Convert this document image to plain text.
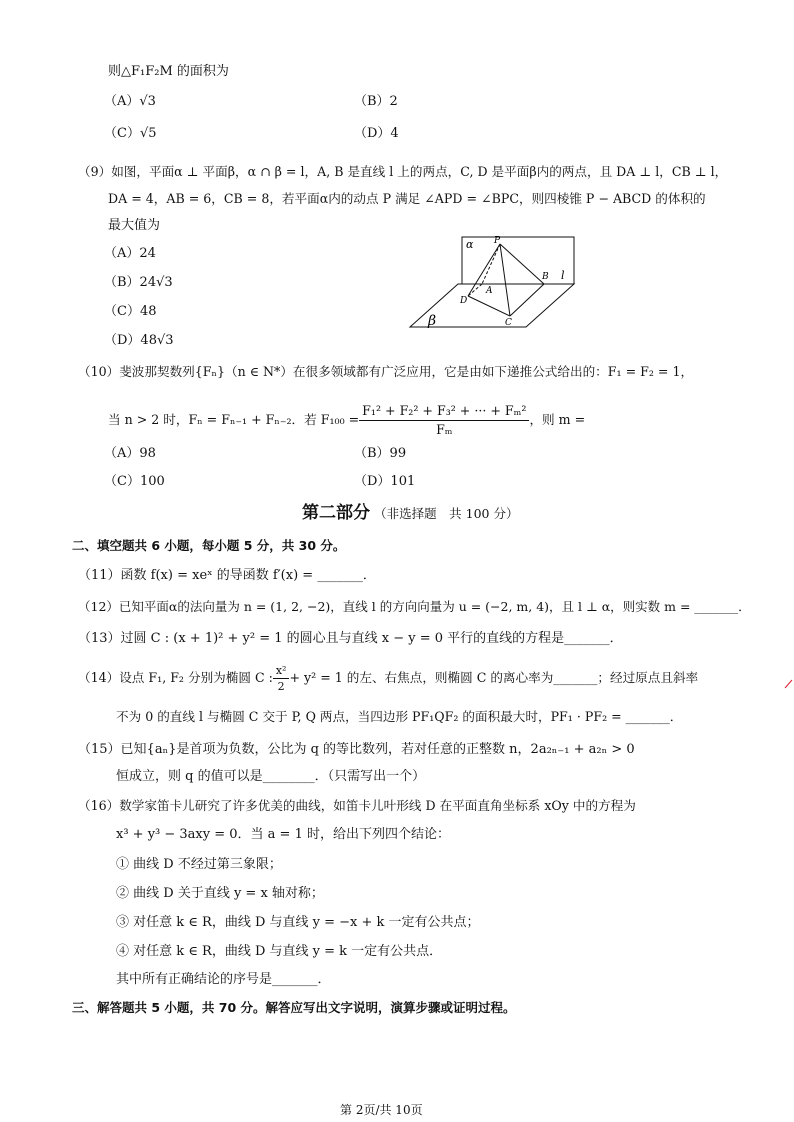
则△F₁F₂M 的面积为
（A）√3	（B）2
（C）√5	（D）4
（9）如图，平面α ⊥ 平面β，α ∩ β = l，A, B 是直线 l 上的两点，C, D 是平面β内的两点，且 DA ⊥ l，CB ⊥ l，
DA = 4，AB = 6，CB = 8，若平面α内的动点 P 满足 ∠APD = ∠BPC，则四棱锥 P − ABCD 的体积的
最大值为
（A）24
（B）24√3
（C）48
（D）48√3
α
β
P
A
B
C
D
l
（10）斐波那契数列{Fₙ}（n ∈ N*）在很多领域都有广泛应用，它是由如下递推公式给出的：F₁ = F₂ = 1，
当 n > 2 时，Fₙ = Fₙ₋₁ + Fₙ₋₂．若 $F_{100} = \frac{\text{F₁² + F₂² + F₃² + ··· + Fₘ²}}{\text{Fₘ}}$ ，则 m =
（A）98	（B）99
（C）100	（D）101
第二部分 （非选择题　共 100 分）
二、填空题共 6 小题，每小题 5 分，共 30 分。
（11）函数 f(x) = xeˣ 的导函数 f′(x) = _______．
（12）已知平面α的法向量为 n = (1, 2, −2)，直线 l 的方向向量为 u = (−2, m, 4)，且 l ⊥ α，则实数 m = _______．
（13）过圆 C : (x + 1)² + y² = 1 的圆心且与直线 x − y = 0 平行的直线的方程是_______．
（14）设点 F₁, F₂ 分别为椭圆 C : $\frac{\text{x²}}{2} + y^2 = 1$ 的左、右焦点，则椭圆 C 的离心率为_______；经过原点且斜率
不为 0 的直线 l 与椭圆 C 交于 P, Q 两点，当四边形 PF₁QF₂ 的面积最大时，PF₁ · PF₂ = _______．
（15）已知{aₙ}是首项为负数，公比为 q 的等比数列，若对任意的正整数 n，2a₂ₙ₋₁ + a₂ₙ > 0
恒成立，则 q 的值可以是________．（只需写出一个）
（16）数学家笛卡儿研究了许多优美的曲线，如笛卡儿叶形线 D 在平面直角坐标系 xOy 中的方程为
x³ + y³ − 3axy = 0．当 a = 1 时，给出下列四个结论：
① 曲线 D 不经过第三象限；
② 曲线 D 关于直线 y = x 轴对称；
③ 对任意 k ∈ R，曲线 D 与直线 y = −x + k 一定有公共点；
④ 对任意 k ∈ R，曲线 D 与直线 y = k 一定有公共点．
其中所有正确结论的序号是_______．
三、解答题共 5 小题，共 70 分。解答应写出文字说明，演算步骤或证明过程。
第 2页/共 10页
